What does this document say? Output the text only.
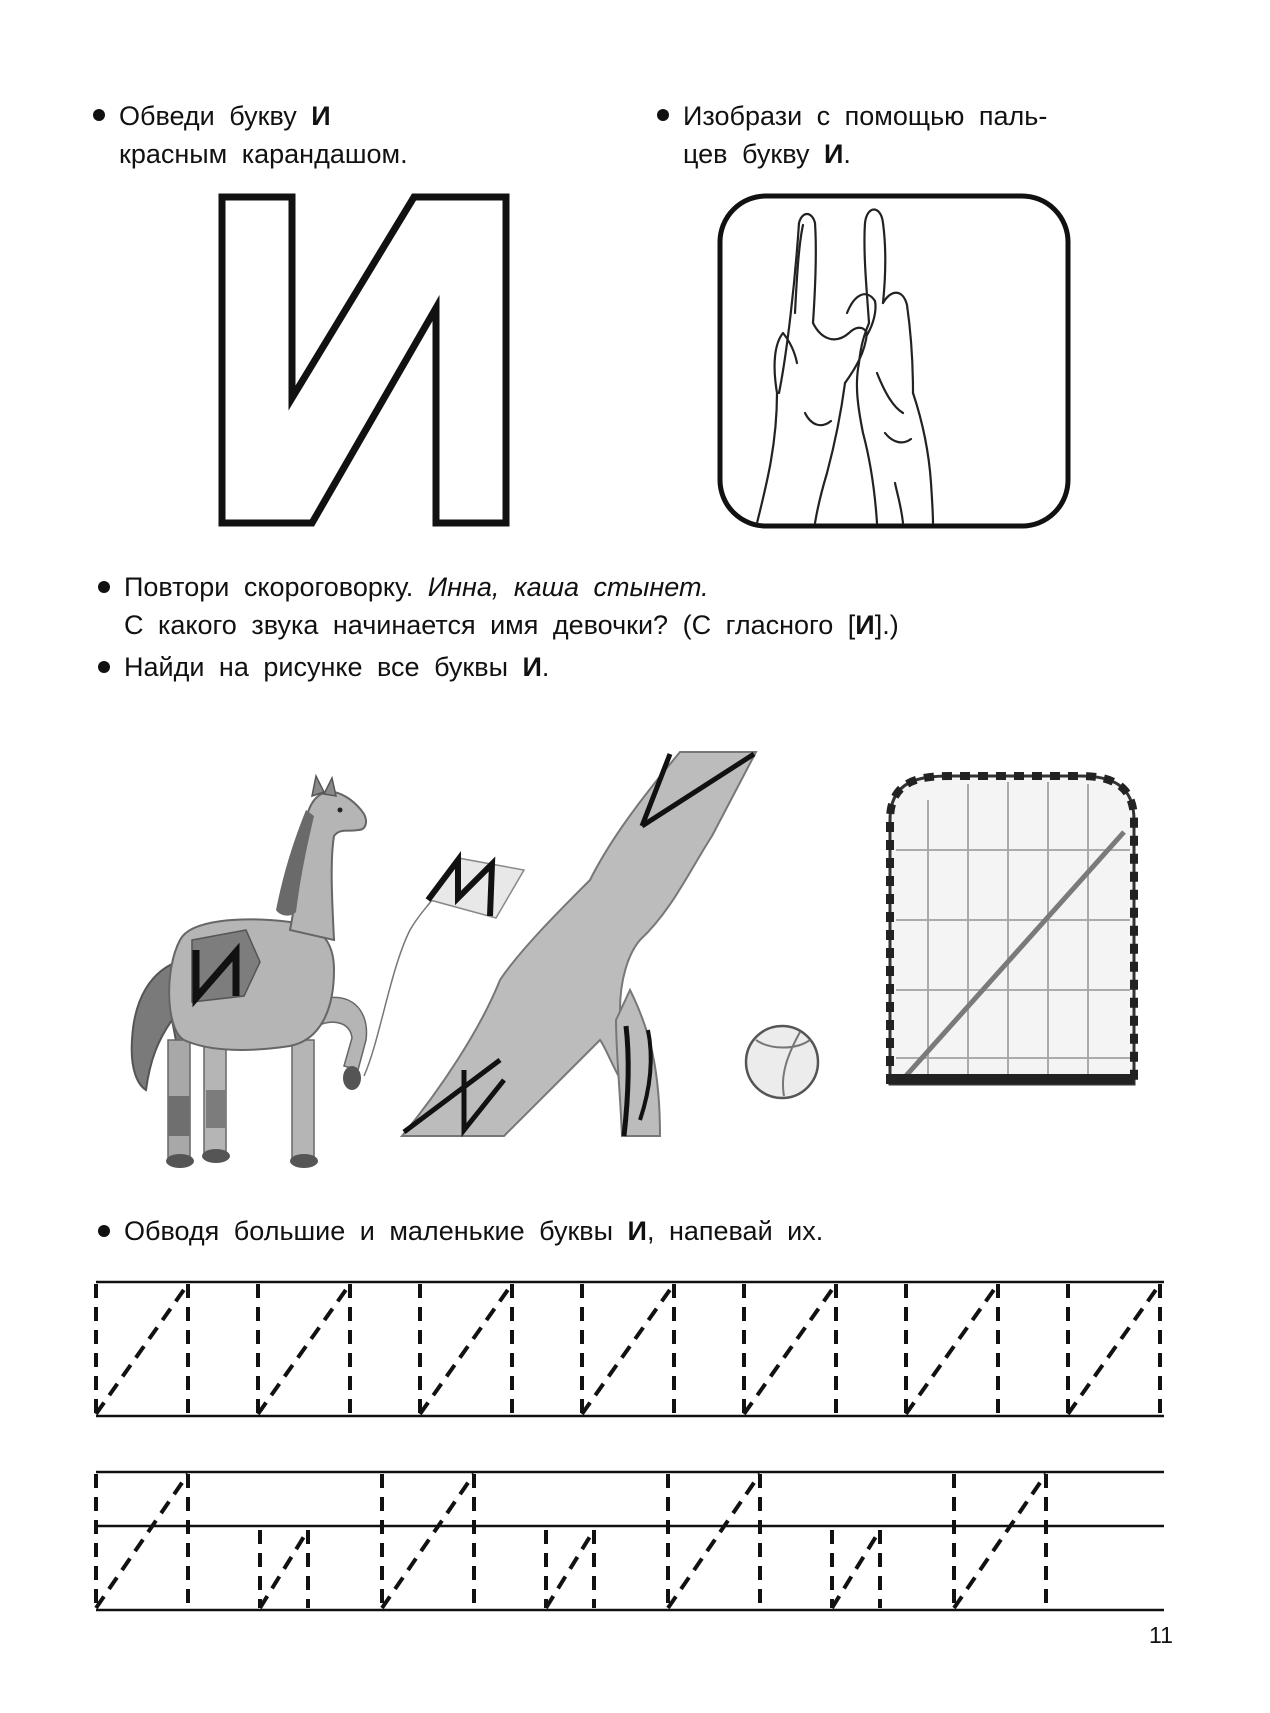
Обведи букву И
красным карандашом.
Изобрази с помощью паль-
цев букву И.
Повтори скороговорку. Инна, каша стынет.
С какого звука начинается имя девочки? (С гласного [И].)
Найди на рисунке все буквы И.
Обводя большие и маленькие буквы И, напевай их.
11
